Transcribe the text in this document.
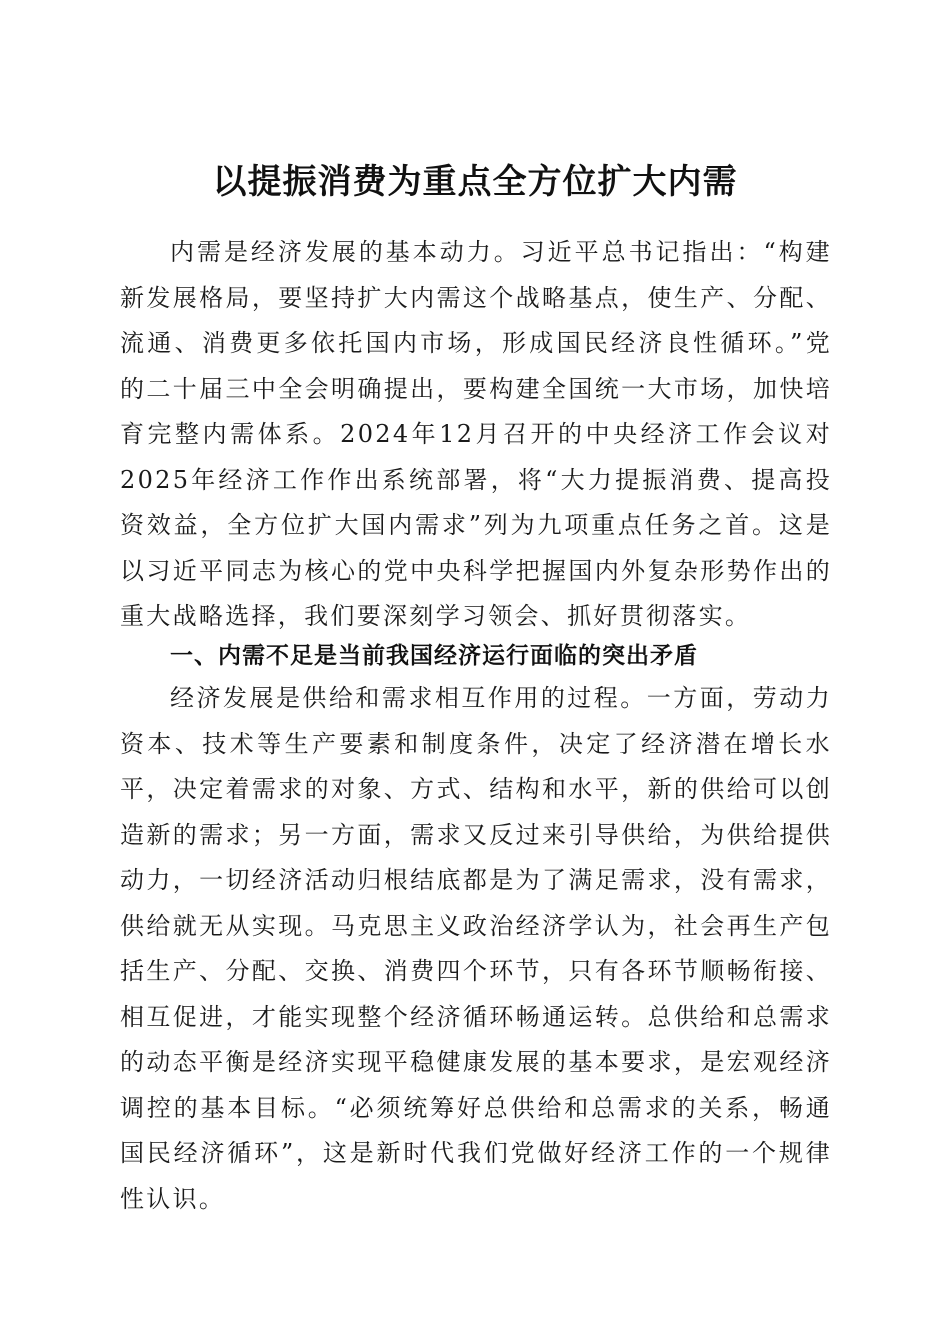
以提振消费为重点全方位扩大内需

内需是经济发展的基本动力。习近平总书记指出：“构建新发展格局，要坚持扩大内需这个战略基点，使生产、分配、流通、消费更多依托国内市场，形成国民经济良性循环。”党的二十届三中全会明确提出，要构建全国统一大市场，加快培育完整内需体系。2024年12月召开的中央经济工作会议对2025年经济工作作出系统部署，将“大力提振消费、提高投资效益，全方位扩大国内需求”列为九项重点任务之首。这是以习近平同志为核心的党中央科学把握国内外复杂形势作出的重大战略选择，我们要深刻学习领会、抓好贯彻落实。

一、内需不足是当前我国经济运行面临的突出矛盾

经济发展是供给和需求相互作用的过程。一方面，劳动力资本、技术等生产要素和制度条件，决定了经济潜在增长水平，决定着需求的对象、方式、结构和水平，新的供给可以创造新的需求；另一方面，需求又反过来引导供给，为供给提供动力，一切经济活动归根结底都是为了满足需求，没有需求，供给就无从实现。马克思主义政治经济学认为，社会再生产包括生产、分配、交换、消费四个环节，只有各环节顺畅衔接、相互促进，才能实现整个经济循环畅通运转。总供给和总需求的动态平衡是经济实现平稳健康发展的基本要求，是宏观经济调控的基本目标。“必须统筹好总供给和总需求的关系，畅通国民经济循环”，这是新时代我们党做好经济工作的一个规律性认识。
